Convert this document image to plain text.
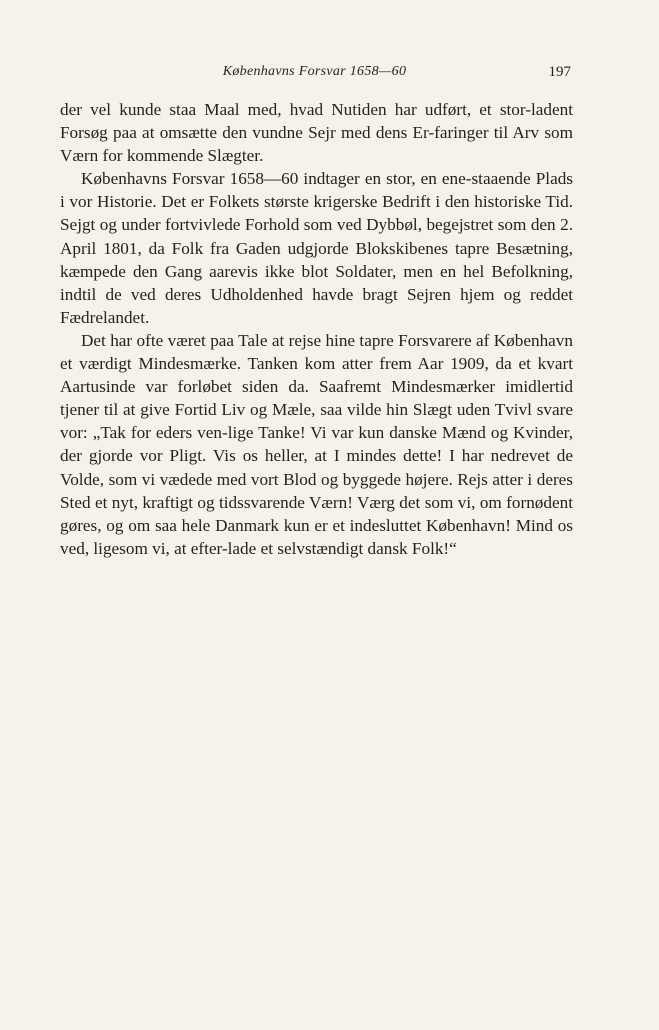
Københavns Forsvar 1658—60	197

der vel kunde staa Maal med, hvad Nutiden har udført, et stor-ladent Forsøg paa at omsætte den vundne Sejr med dens Er-faringer til Arv som Værn for kommende Slægter.

Københavns Forsvar 1658—60 indtager en stor, en ene-staaende Plads i vor Historie. Det er Folkets største krigerske Bedrift i den historiske Tid. Sejgt og under fortvivlede Forhold som ved Dybbøl, begejstret som den 2. April 1801, da Folk fra Gaden udgjorde Blokskibenes tapre Besætning, kæmpede den Gang aarevis ikke blot Soldater, men en hel Befolkning, indtil de ved deres Udholdenhed havde bragt Sejren hjem og reddet Fædrelandet.

Det har ofte været paa Tale at rejse hine tapre Forsvarere af København et værdigt Mindesmærke. Tanken kom atter frem Aar 1909, da et kvart Aartusinde var forløbet siden da. Saafremt Mindesmærker imidlertid tjener til at give Fortid Liv og Mæle, saa vilde hin Slægt uden Tvivl svare vor: „Tak for eders ven-lige Tanke! Vi var kun danske Mænd og Kvinder, der gjorde vor Pligt. Vis os heller, at I mindes dette! I har nedrevet de Volde, som vi vædede med vort Blod og byggede højere. Rejs atter i deres Sted et nyt, kraftigt og tidssvarende Værn! Værg det som vi, om fornødent gøres, og om saa hele Danmark kun er et indesluttet København! Mind os ved, ligesom vi, at efter-lade et selvstændigt dansk Folk!“
